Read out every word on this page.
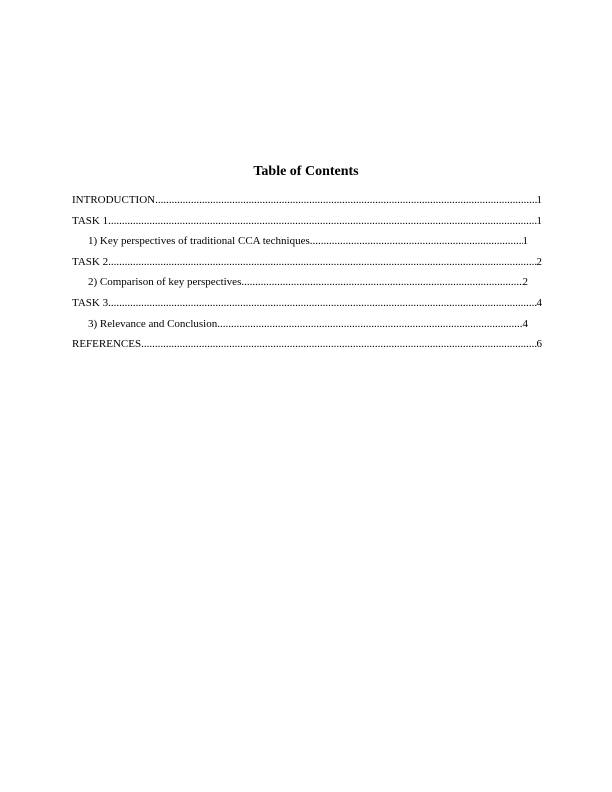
Table of Contents
INTRODUCTION .....	1
TASK 1 .....	1
1) Key perspectives of traditional CCA techniques .....	1
TASK 2 .....	2
2) Comparison of key perspectives .....	2
TASK 3 .....	4
3) Relevance and Conclusion .....	4
REFERENCES .....	6
